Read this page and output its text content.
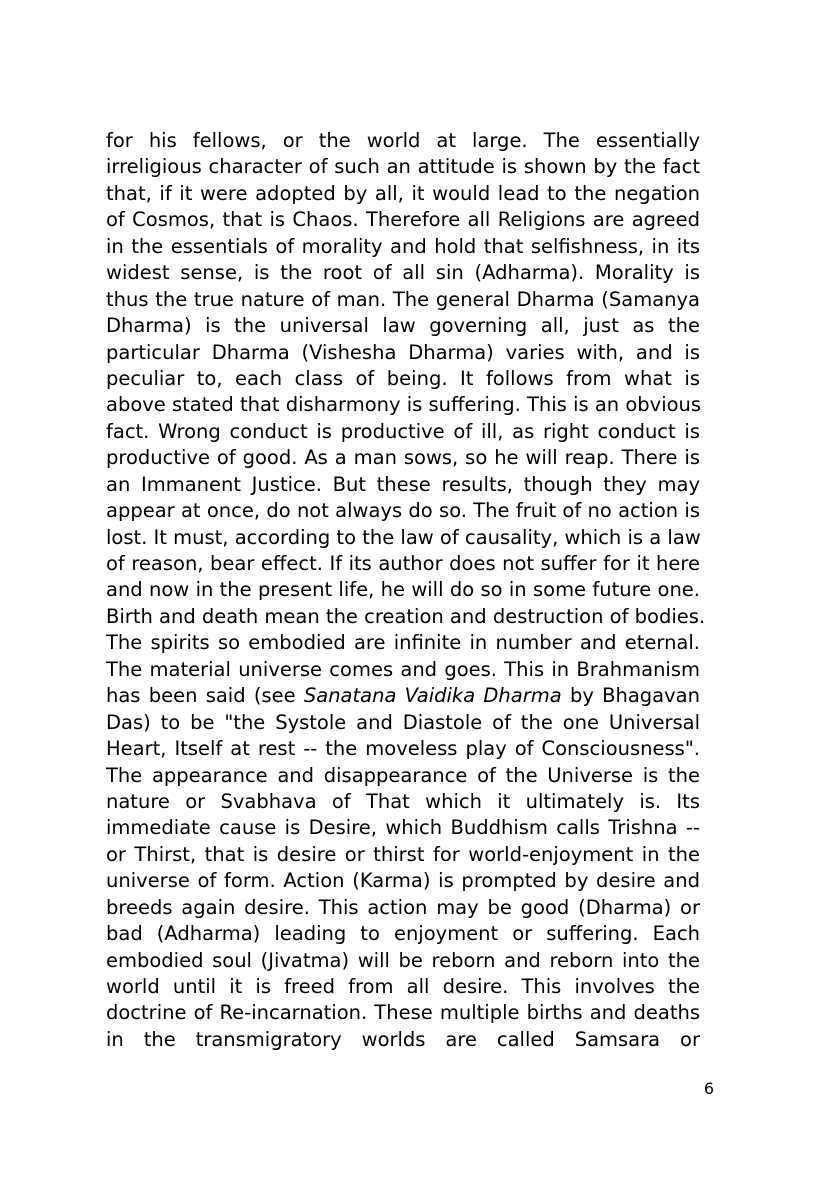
for his fellows, or the world at large. The essentially
irreligious character of such an attitude is shown by the fact
that, if it were adopted by all, it would lead to the negation
of Cosmos, that is Chaos. Therefore all Religions are agreed
in the essentials of morality and hold that selfishness, in its
widest sense, is the root of all sin (Adharma). Morality is
thus the true nature of man. The general Dharma (Samanya
Dharma) is the universal law governing all, just as the
particular Dharma (Vishesha Dharma) varies with, and is
peculiar to, each class of being. It follows from what is
above stated that disharmony is suffering. This is an obvious
fact. Wrong conduct is productive of ill, as right conduct is
productive of good. As a man sows, so he will reap. There is
an Immanent Justice. But these results, though they may
appear at once, do not always do so. The fruit of no action is
lost. It must, according to the law of causality, which is a law
of reason, bear effect. If its author does not suffer for it here
and now in the present life, he will do so in some future one.
Birth and death mean the creation and destruction of bodies.
The spirits so embodied are infinite in number and eternal.
The material universe comes and goes. This in Brahmanism
has been said (see Sanatana Vaidika Dharma by Bhagavan
Das) to be "the Systole and Diastole of the one Universal
Heart, Itself at rest -- the moveless play of Consciousness".
The appearance and disappearance of the Universe is the
nature or Svabhava of That which it ultimately is. Its
immediate cause is Desire, which Buddhism calls Trishna --
or Thirst, that is desire or thirst for world-enjoyment in the
universe of form. Action (Karma) is prompted by desire and
breeds again desire. This action may be good (Dharma) or
bad (Adharma) leading to enjoyment or suffering. Each
embodied soul (Jivatma) will be reborn and reborn into the
world until it is freed from all desire. This involves the
doctrine of Re-incarnation. These multiple births and deaths
in the transmigratory worlds are called Samsara or
6
